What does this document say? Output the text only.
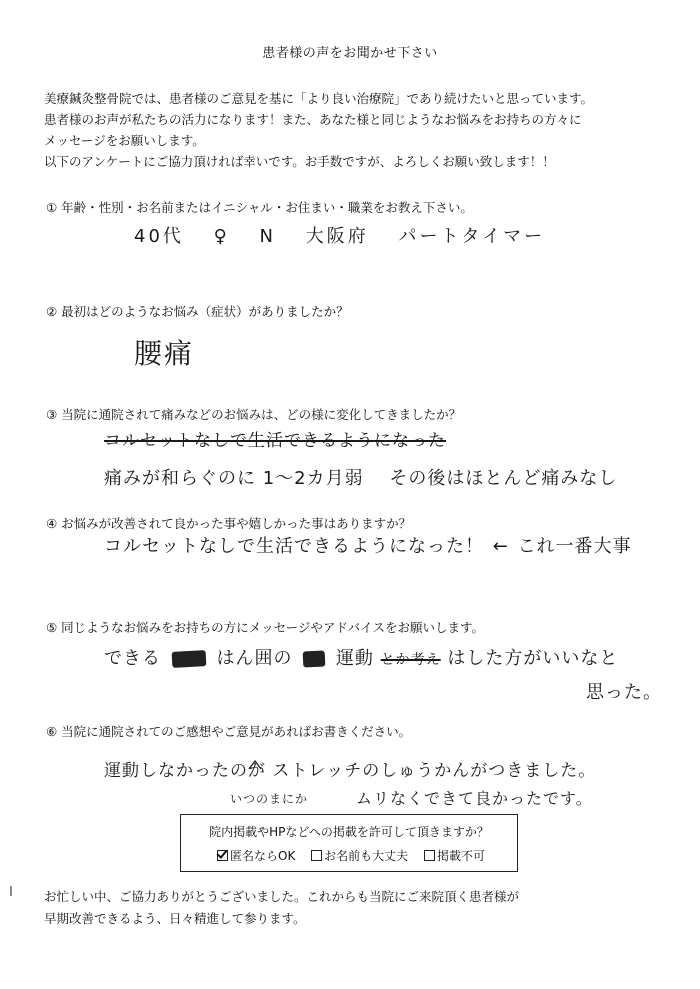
患者様の声をお聞かせ下さい
美療鍼灸整骨院では、患者様のご意見を基に「より良い治療院」であり続けたいと思っています。
患者様のお声が私たちの活力になります！また、あなた様と同じようなお悩みをお持ちの方々に
メッセージをお願いします。
以下のアンケートにご協力頂ければ幸いです。お手数ですが、よろしくお願い致します！！
① 年齢・性別・お名前またはイニシャル・お住まい・職業をお教え下さい。
40代 　♀ 　N 　大阪府 　パートタイマー
② 最初はどのようなお悩み（症状）がありましたか？
腰痛
③ 当院に通院されて痛みなどのお悩みは、どの様に変化してきましたか？
コルセットなしで生活できるようになった
痛みが和らぐのに 1～2カ月弱 　その後はほとんど痛みなし
④ お悩みが改善されて良かった事や嬉しかった事はありますか？
コルセットなしで生活できるようになった！ ← これ一番大事
⑤ 同じようなお悩みをお持ちの方にメッセージやアドバイスをお願いします。
できる	はん囲の 運動 とか考え はした方がいいなと
思った。
⑥ 当院に通院されてのご感想やご意見があればお書きください。
運動しなかったのが ストレッチのしゅうかんがつきました。
いつのまにか	ムリなくできて良かったです。
院内掲載やHPなどへの掲載を許可して頂きますか？
匿名ならOK
お名前も大丈夫
掲載不可
お忙しい中、ご協力ありがとうございました。これからも当院にご来院頂く患者様が
早期改善できるよう、日々精進して参ります。
